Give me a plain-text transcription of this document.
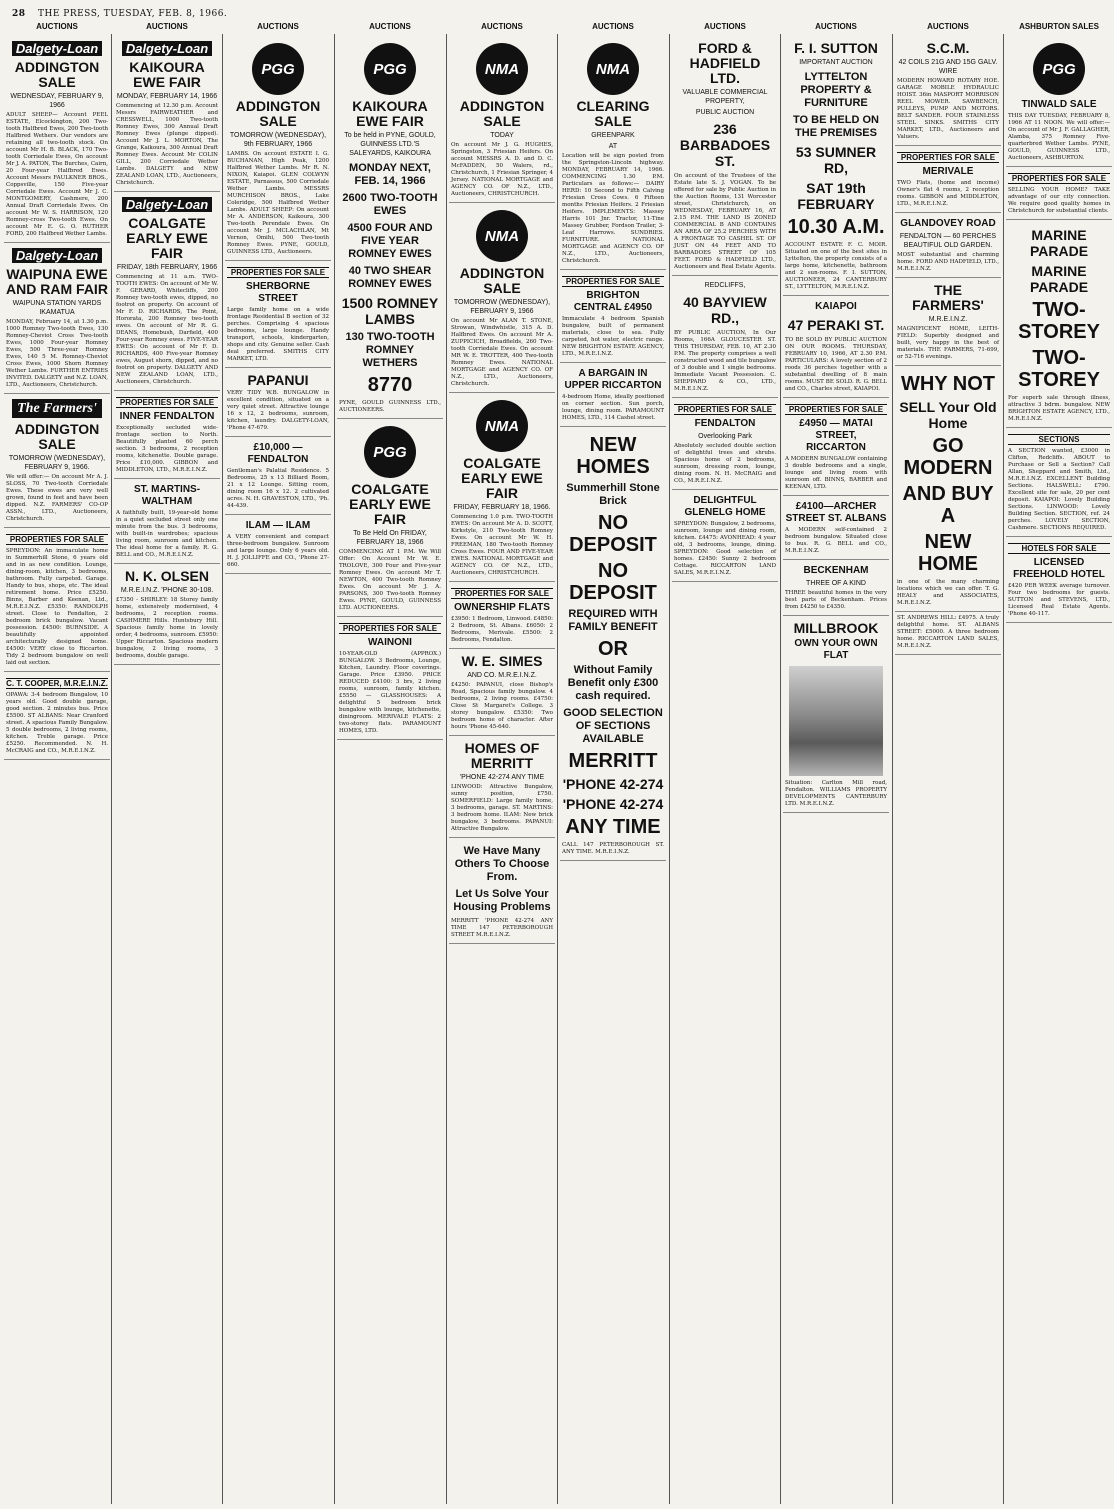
28 THE PRESS, TUESDAY, FEB. 8, 1966.
AUCTIONS	AUCTIONS	AUCTIONS	AUCTIONS	AUCTIONS	AUCTIONS	AUCTIONS	AUCTIONS	AUCTIONS	ASHBURTON SALES
Dalgety-Loan
ADDINGTON SALE
WEDNESDAY, FEBRUARY 9, 1966
ADULT SHEEP— Account PEEL ESTATE, Elcockington, 200 Two-tooth Halfbred Ewes, 200 Two-tooth Halfbred Wethers. Our vendors are retaining all two-tooth stock. On account Mr H. B. BLACK, 170 Two-tooth Corriedale Ewes, On account Mr J. A. PATON, The Burches, Cairn, 20 Four-year Halfbred Ewes. Account Messrs FAULKNER BROS., Coppsville, 150 Five-year Corriedale Ewes. Account Mr J. C. MONTGOMERY, Cashmere, 200 Annual Draft Corriedale Ewes. On account Mr W. S. HARRISON, 120 Romney-cross Two-tooth Ewes. On account Mr E. G. O. RUTHER FORD, 200 Halfbred Wether Lambs.
Dalgety-Loan
WAIPUNA EWE AND RAM FAIR
WAIPUNA STATION YARDS IKAMATUA
MONDAY, February 14, at 1.30 p.m. 1000 Romney Two-tooth Ewes, 130 Romney-Cheviot Cross Two-tooth Ewes, 1000 Four-year Romney Ewes, 500 Three-year Romney Ewes, 140 5 M. Romney-Cheviot Cross Ewes, 1000 Shorn Romney Wether Lambs. FURTHER ENTRIES INVITED. DALGETY and N.Z. LOAN, LTD., Auctioneers, Christchurch.
The Farmers'
ADDINGTON SALE
TOMORROW (WEDNESDAY), FEBRUARY 9, 1966.
We will offer:— On account Mr A. J. SLOSS, 70 Two-tooth Corriedale Ewes. These ewes are very well grown, found in feet and have been dipped. N.Z. FARMERS' CO-OP ASSN., LTD., Auctioneers, Christchurch.
PROPERTIES FOR SALE
SPREYDON: An immaculate home in Summerhill Stone, 6 years old and in as new condition. Lounge, dining-room, kitchen, 3 bedrooms, bathroom. Fully carpeted. Garage. Handy to bus, shops, etc. The ideal retirement home. Price £5250. Binns, Barber and Keenan, Ltd., M.R.E.I.N.Z. £5350: RANDOLPH street. Close to Fendalton, 2 bedroom brick bungalow. Vacant possession. £4500: BURNSIDE. A beautifully appointed architecturally designed home. £4500: VERY close to Riccarton. Tidy 2 bedroom bungalow on well laid out section.
C. T. COOPER, M.R.E.I.N.Z.
OPAWA: 3-4 bedroom Bungalow, 10 years old. Good double garage, good section. 2 minutes bus. Price £5500. ST ALBANS: Near Cranford street. A spacious Family Bungalow. 5 double bedrooms, 2 living rooms, kitchen. Treble garage. Price £5250. Recommended. N. H. McCRAIG and CO., M.R.E.I.N.Z.
Dalgety-Loan
KAIKOURA EWE FAIR
MONDAY, FEBRUARY 14, 1966
Commencing at 12.30 p.m. Account Messrs FAIRWEATHER and CRESSWELL, 1000 Two-tooth Romney Ewes, 300 Annual Draft Romney Ewes (plunge dipped). Account Mr J. L. MORTON, The Grange, Kaikoura, 300 Annual Draft Romney Ewes. Account Mr COLIN GILL, 200 Corriedale Wether Lambs. DALGETY and NEW ZEALAND LOAN, LTD., Auctioneers, Christchurch.
Dalgety-Loan
COALGATE EARLY EWE FAIR
FRIDAY, 18th FEBRUARY, 1966
Commencing at 11 a.m. TWO-TOOTH EWES: On account of Mr W. F. GERARD, Whitecliffs, 200 Romney two-tooth ewes, dipped, no footrot on property. On account of Mr F. D. RICHARDS, The Point, Hororata, 200 Romney two-tooth ewes. On account of Mr R. G. DEANS, Homebush, Darfield, 400 Four-year Romney ewes. FIVE-YEAR EWES: On account of Mr F. D. RICHARDS, 400 Five-year Romney ewes, August shorn, dipped, and no footrot on property. DALGETY AND NEW ZEALAND LOAN, LTD., Auctioneers, Christchurch.
PROPERTIES FOR SALE
INNER FENDALTON
Exceptionally secluded wide-frontage section to North. Beautifully planted 60 perch section. 3 bedrooms, 2 reception rooms, kitchenette. Double garage. Price £10,000. GIBBON and MIDDLETON, LTD., M.R.E.I.N.Z.
ST. MARTINS-WALTHAM
A faithfully built, 19-year-old home in a quiet secluded street only one minute from the bus. 3 bedrooms, with built-in wardrobes; spacious living room, sunroom and kitchen. The ideal home for a family. R. G. BELL and CO., M.R.E.I.N.Z.
N. K. OLSEN
M.R.E.I.N.Z. 'PHONE 30-108.
£7350 - SHIRLEY: 18 Storey family home, extensively modernised, 4 bedrooms, 2 reception rooms. CASHMERE Hills. Huntsbury Hill. Spacious family home in lovely order, 4 bedrooms, sunroom. £5950: Upper Riccarton. Spacious modern bungalow, 2 living rooms, 3 bedrooms, double garage.
PGG
ADDINGTON SALE
TOMORROW (WEDNESDAY), 9th FEBRUARY, 1966
LAMBS. On account ESTATE I. G. BUCHANAN, High Peak, 1200 Halfbred Wether Lambs. Mr R. N. NIXON, Kaiapoi. GLEN COLWYN ESTATE, Parnassus, 500 Corriedale Wether Lambs. MESSRS MURCHISON BROS., Lake Coleridge, 500 Halfbred Wether Lambs. ADULT SHEEP: On account Mr A. ANDERSON, Kaikoura, 300 Two-tooth Perendale Ewes. On account Mr J. MCLACHLAN, Mt Vernon, Omihi, 500 Two-tooth Romney Ewes. PYNE, GOULD, GUINNESS LTD., Auctioneers.
PROPERTIES FOR SALE
SHERBORNE STREET
Large family home on a wide frontage Residential B section of 32 perches. Comprising 4 spacious bedrooms, large lounge. Handy transport, schools, kindergarten, shops and city. Genuine seller. Cash deal preferred. SMITHS CITY MARKET, LTD.
PAPANUI
VERY TIDY W.B. BUNGALOW in excellent condition, situated on a very quiet street. Attractive lounge 16 x 12, 2 bedrooms, sunroom, kitchen, laundry. DALGETY-LOAN, 'Phone 47-679.
£10,000 — FENDALTON
Gentleman's Palatial Residence. 5 Bedrooms, 25 x 13 Billiard Room, 21 x 12 Lounge. Sitting room, dining room 16 x 12. 2 cultivated acres. N. H. GRAVESTON, LTD., 'Ph. 44-439.
ILAM — ILAM
A VERY convenient and compact three-bedroom bungalow. Sunroom and large lounge. Only 6 years old. H. J. JOLLIFFE and CO., 'Phone 27-660.
PGG
KAIKOURA EWE FAIR
To be held in PYNE, GOULD, GUINNESS LTD.'S SALEYARDS, KAIKOURA
MONDAY NEXT, FEB. 14, 1966
2600 TWO-TOOTH EWES
4500 FOUR AND FIVE YEAR ROMNEY EWES
40 TWO SHEAR ROMNEY EWES
1500 ROMNEY LAMBS
130 TWO-TOOTH ROMNEY WETHERS
8770
PYNE, GOULD GUINNESS LTD., AUCTIONEERS.
PGG
COALGATE EARLY EWE FAIR
To Be Held On FRIDAY, FEBRUARY 18, 1966
COMMENCING AT 1 P.M. We Will Offer: On Account Mr W. E. TROLOVE, 300 Four and Five-year Romney Ewes. On account Mr T. NEWTON, 400 Two-tooth Romney Ewes. On account Mr J. A. PARSONS, 300 Two-tooth Romney Ewes. PYNE, GOULD, GUINNESS LTD. AUCTIONEERS.
PROPERTIES FOR SALE
WAINONI
10-YEAR-OLD (APPROX.) BUNGALOW. 3 Bedrooms, Lounge, Kitchen, Laundry. Floor coverings. Garage. Price £3950. PRICE REDUCED £4100: 3 brs, 2 living rooms, sunroom, family kitchen. £5550 — GLASSHOUSES: A delightful 5 bedroom brick bungalow with lounge, kitchenette, diningroom. MERIVALE FLATS: 2 two-storey flats. PARAMOUNT HOMES, LTD.
NMA
ADDINGTON SALE
TODAY
On account Mr J. G. HUGHES, Springston, 3 Friesian Heifers. On account MESSRS A. D. and D. C. McFADDEN, 50 Walers, rd., Christchurch, 1 Friesian Springer, 4 Jersey. NATIONAL MORTGAGE and AGENCY CO. OF N.Z., LTD., Auctioneers, CHRISTCHURCH.
NMA
ADDINGTON SALE
TOMORROW (WEDNESDAY), FEBRUARY 9, 1966
On account Mr ALAN T. STONE, Strowan, Windwhistle, 315 A. D. Halfbred Ewes. On account Mr A. ZUPPICICH, Broadfields, 260 Two-tooth Corriedale Ewes. On account MR W. E. TROTTER, 400 Two-tooth Romney Ewes. NATIONAL MORTGAGE and AGENCY CO. OF N.Z., LTD., Auctioneers, Christchurch.
NMA
COALGATE EARLY EWE FAIR
FRIDAY, FEBRUARY 18, 1966.
Commencing 1.0 p.m. TWO-TOOTH EWES: On account Mr A. D. SCOTT, Kirkstyle, 210 Two-tooth Romney Ewes. On account Mr W. H. FREEMAN, 180 Two-tooth Romney Cross Ewes. FOUR AND FIVE-YEAR EWES. NATIONAL MORTGAGE and AGENCY CO. OF N.Z., LTD., Auctioneers, CHRISTCHURCH.
PROPERTIES FOR SALE
OWNERSHIP FLATS
£3950: 1 Bedroom, Linwood. £4850: 2 Bedroom, St. Albans. £6050: 2 Bedrooms, Merivale. £5500: 2 Bedrooms, Fendalton.
W. E. SIMES
AND CO. M.R.E.I.N.Z.
£4250: PAPANUI, close Bishop's Road, Spacious family bungalow. 4 bedrooms, 2 living rooms. £4750: Close St Margaret's College. 3 storey bungalow. £5350: Two bedroom home of character. After hours 'Phone 45-640.
HOMES OF MERRITT
'PHONE 42-274 ANY TIME
LINWOOD: Attractive Bungalow, sunny position, £750. SOMERFIELD: Large family home, 3 bedrooms, garage. ST. MARTINS: 3 bedroom home. ILAM: New brick bungalow, 3 bedrooms. PAPANUI: Attractive Bungalow.
We Have Many Others To Choose From.
Let Us Solve Your Housing Problems
MERRITT 'PHONE 42-274 ANY TIME 147 PETERBOROUGH STREET M.R.E.I.N.Z.
NMA
CLEARING SALE
GREENPARK
AT
Location will be sign posted from the Springston-Lincoln highway. MONDAY, FEBRUARY 14, 1966. COMMENCING 1.30 P.M. Particulars as follows:— DAIRY HERD: 10 Second to Fifth Calving Friesian Cross Cows. 6 Fifteen months Friesian Heifers. 2 Friesian Heifers. IMPLEMENTS: Massey Harris 101 Jnr. Tractor, 11-Tine Massey Grubber, Fordson Trailer, 3-Leaf Harrows. SUNDRIES. FURNITURE. NATIONAL MORTGAGE and AGENCY CO. OF N.Z., LTD., Auctioneers, Christchurch.
PROPERTIES FOR SALE
BRIGHTON CENTRAL £4950
Immaculate 4 bedroom Spanish bungalow, built of permanent materials, close to sea. Fully carpeted, hot water, electric range. NEW BRIGHTON ESTATE AGENCY, LTD., M.R.E.I.N.Z.
A BARGAIN IN UPPER RICCARTON
4-bedroom Home, ideally positioned on corner section. Sun porch, lounge, dining room. PARAMOUNT HOMES, LTD., 114 Cashel street.
NEW HOMES
Summerhill Stone Brick
NO DEPOSIT
NO DEPOSIT
REQUIRED WITH FAMILY BENEFIT
OR
Without Family Benefit only £300 cash required.
GOOD SELECTION OF SECTIONS AVAILABLE
MERRITT
'PHONE 42-274
'PHONE 42-274
ANY TIME
CALL 147 PETERBOROUGH ST. ANY TIME. M.R.E.I.N.Z.
FORD & HADFIELD LTD.
VALUABLE COMMERCIAL PROPERTY,
PUBLIC AUCTION
236 BARBADOES ST.
On account of the Trustees of the Estate late S. J. VOGAN. To be offered for sale by Public Auction in the Auction Rooms, 131 Worcester street, Christchurch, on WEDNESDAY, FEBRUARY 16, AT 2.15 P.M. THE LAND IS ZONED COMMERCIAL B AND CONTAINS AN AREA OF 25.2 PERCHES WITH A FRONTAGE TO CASHEL ST. OF JUST ON 44 FEET AND TO BARBADOES STREET OF 105 FEET. FORD & HADFIELD LTD., Auctioneers and Real Estate Agents.
REDCLIFFS,
40 BAYVIEW RD.,
BY PUBLIC AUCTION, In Our Rooms, 166A GLOUCESTER ST. THIS THURSDAY, FEB. 10, AT 2.30 P.M. The property comprises a well constructed wood and tile bungalow of 3 double and 1 single bedrooms. Immediate Vacant Possession. C. SHEPPARD & CO., LTD., M.R.E.I.N.Z.
PROPERTIES FOR SALE
FENDALTON
Overlooking Park
Absolutely secluded double section of delightful trees and shrubs. Spacious home of 2 bedrooms, sunroom, dressing room, lounge, dining room. N. H. McCRAIG and CO., M.R.E.I.N.Z.
DELIGHTFUL GLENELG HOME
SPREYDON: Bungalow, 2 bedrooms, sunroom, lounge and dining room, kitchen. £4475: AVONHEAD: 4 year old, 3 bedrooms, lounge, dining. SPREYDON: Good selection of homes. £2450: Sunny 2 bedroom Cottage. RICCARTON LAND SALES, M.R.E.I.N.Z.
F. I. SUTTON
IMPORTANT AUCTION
LYTTELTON PROPERTY & FURNITURE
TO BE HELD ON THE PREMISES
53 SUMNER RD,
SAT 19th FEBRUARY
10.30 A.M.
ACCOUNT ESTATE F. C. MOIR. Situated on one of the best sites in Lyttelton, the property consists of a large home, kitchenette, bathroom and 2 sun-rooms. F. I. SUTTON, AUCTIONEER, 24 CANTERBURY ST., LYTTELTON, M.R.E.I.N.Z.
KAIAPOI
47 PERAKI ST.
TO BE SOLD BY PUBLIC AUCTION ON OUR ROOMS. THURSDAY, FEBRUARY 10, 1966, AT 2.30 P.M. PARTICULARS: A lovely section of 2 roods 36 perches together with a substantial dwelling of 8 main rooms. MUST BE SOLD. R. G. BELL and CO., Charles street, KAIAPOI.
PROPERTIES FOR SALE
£4950 — MATAI STREET, RICCARTON
A MODERN BUNGALOW containing 3 double bedrooms and a single, lounge and living room with sunroom off. BINNS, BARBER and KEENAN, LTD.
£4100—ARCHER STREET ST. ALBANS
A MODERN self-contained 2 bedroom bungalow. Situated close to bus. R. G. BELL and CO., M.R.E.I.N.Z.
BECKENHAM
THREE OF A KIND
THREE beautiful homes in the very best parts of Beckenham. Prices from £4250 to £4350.
MILLBROOK
OWN YOUR OWN FLAT
Situation: Carlton Mill road, Fendalton. WILLIAMS PROPERTY DEVELOPMENTS CANTERBURY LTD. M.R.E.I.N.Z.
S.C.M.
42 COILS 21G AND 15G GALV. WIRE
MODERN HOWARD ROTARY HOE. GARAGE MOBILE HYDRAULIC HOIST. 36in MASPORT MORRISON REEL MOWER. SAWBENCH, PULLEYS, PUMP AND MOTORS. BELT SANDER. FOUR STAINLESS STEEL SINKS. SMITHS CITY MARKET, LTD., Auctioneers and Valuers.
PROPERTIES FOR SALE
MERIVALE
TWO Flats, (home and income) Owner's flat 4 rooms, 2 reception rooms. GIBBON and MIDDLETON, LTD., M.R.E.I.N.Z.
GLANDOVEY ROAD
FENDALTON — 60 PERCHES BEAUTIFUL OLD GARDEN.
MOST substantial and charming home. FORD AND HADFIELD, LTD., M.R.E.I.N.Z.
THE FARMERS'
M.R.E.I.N.Z.
MAGNIFICENT HOME, LEITH-FIELD: Superbly designed and built, very happy in the best of materials. THE FARMERS, 71-699, or 52-716 evenings.
WHY NOT
SELL Your Old Home
GO MODERN
AND BUY A
NEW HOME
in one of the many charming locations which we can offer. T. G. HEALY and ASSOCIATES, M.R.E.I.N.Z.
ST. ANDREWS HILL: £4975. A truly delightful home. ST. ALBANS STREET: £5000. A three bedroom home. RICCARTON LAND SALES, M.R.E.I.N.Z.
PGG
TINWALD SALE
THIS DAY TUESDAY, FEBRUARY 8, 1966 AT 11 NOON. We will offer:— On account of Mr J. F. GALLAGHER, Alamba, 375 Romney Five-quarterbred Wether Lambs. PYNE, GOULD, GUINNESS LTD., Auctioneers, ASHBURTON.
PROPERTIES FOR SALE
SELLING YOUR HOME? TAKE advantage of our city connection. We require good quality homes in Christchurch for substantial clients.
MARINE PARADE
MARINE PARADE
TWO-STOREY
TWO-STOREY
For superb sale through illness, attractive 3 bdrm. bungalow. NEW BRIGHTON ESTATE AGENCY, LTD., M.R.E.I.N.Z.
SECTIONS
A SECTION wanted, £3000 in Clifton, Redcliffs. ABOUT to Purchase or Sell a Section? Call Allan, Sheppard and Smith, Ltd., M.R.E.I.N.Z. EXCELLENT Building Sections. HALSWELL: £790. Excellent site for sale, 20 per cent deposit. KAIAPOI: Lovely Building Sections. LINWOOD: Lovely Building Section. SECTION, ref. 24 perches. LOVELY SECTION, Cashmere. SECTIONS REQUIRED.
HOTELS FOR SALE
LICENSED FREEHOLD HOTEL
£420 PER WEEK average turnover. Four two bedrooms for guests. SUTTON and STEVENS, LTD., Licensed Real Estate Agents. 'Phone 40-117.
